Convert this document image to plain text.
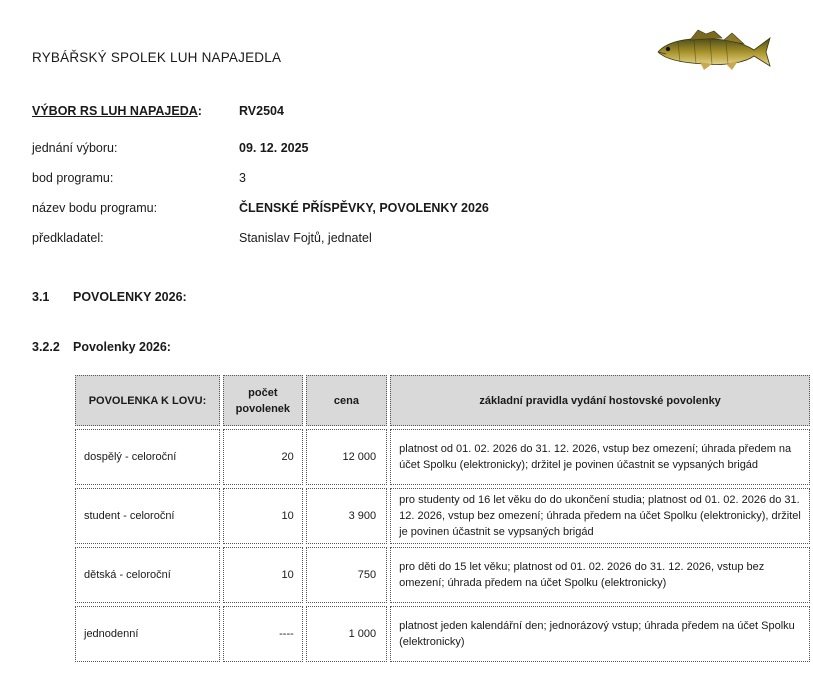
RYBÁŘSKÝ SPOLEK LUH NAPAJEDLA
VÝBOR RS LUH NAPAJEDA:	RV2504
jednání výboru:	09. 12. 2025
bod programu:	3
název bodu programu:	ČLENSKÉ PŘÍSPĚVKY, POVOLENKY 2026
předkladatel:	Stanislav Fojtů, jednatel
3.1 POVOLENKY 2026:
3.2.2 Povolenky 2026:
POVOLENKA K LOVU:	počet povolenek	cena	základní pravidla vydání hostovské povolenky
dospělý - celoroční	20	12 000	platnost od 01. 02. 2026 do 31. 12. 2026, vstup bez omezení; úhrada předem na účet Spolku (elektronicky); držitel je povinen účastnit se vypsaných brigád
student - celoroční	10	3 900	pro studenty od 16 let věku do do ukončení studia; platnost od 01. 02. 2026 do 31. 12. 2026, vstup bez omezení; úhrada předem na účet Spolku (elektronicky), držitel je povinen účastnit se vypsaných brigád
dětská - celoroční	10	750	pro děti do 15 let věku; platnost od 01. 02. 2026 do 31. 12. 2026, vstup bez omezení; úhrada předem na účet Spolku (elektronicky)
jednodenní	----	1 000	platnost jeden kalendářní den; jednorázový vstup; úhrada předem na účet Spolku (elektronicky)
